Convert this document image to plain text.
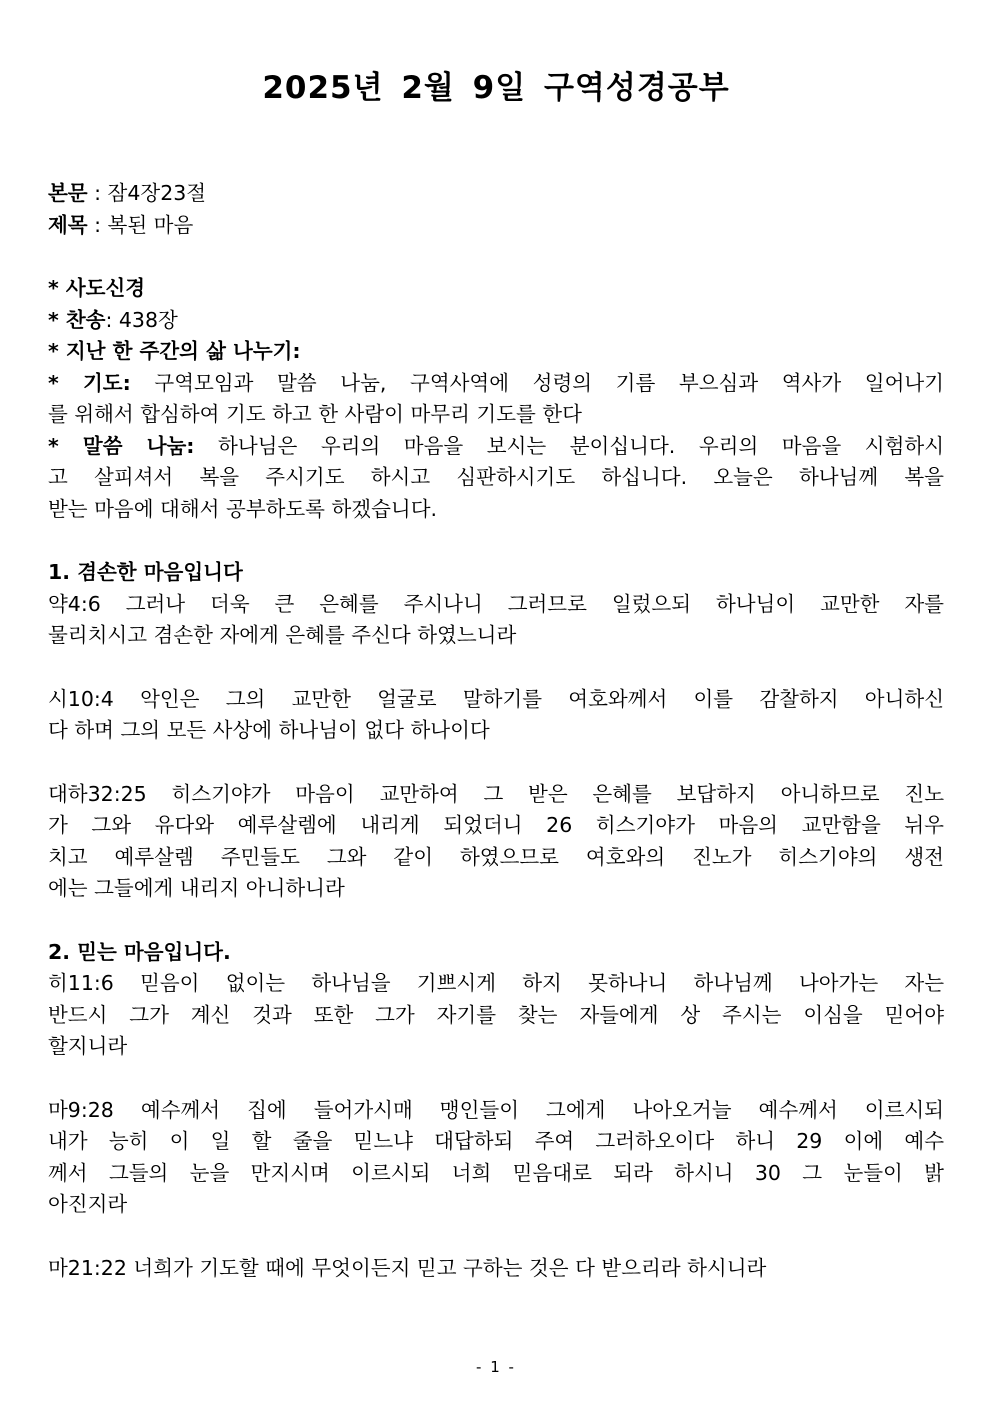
2025년 2월 9일 구역성경공부
본문 : 잠4장23절
제목 : 복된 마음
* 사도신경
* 찬송: 438장
* 지난 한 주간의 삶 나누기:
* 기도: 구역모임과 말씀 나눔, 구역사역에 성령의 기름 부으심과 역사가 일어나기
를 위해서 합심하여 기도 하고 한 사람이 마무리 기도를 한다
* 말씀 나눔: 하나님은 우리의 마음을 보시는 분이십니다. 우리의 마음을 시험하시
고 살피셔서 복을 주시기도 하시고 심판하시기도 하십니다. 오늘은 하나님께 복을
받는 마음에 대해서 공부하도록 하겠습니다.
1. 겸손한 마음입니다
약4:6 그러나 더욱 큰 은혜를 주시나니 그러므로 일렀으되 하나님이 교만한 자를
물리치시고 겸손한 자에게 은혜를 주신다 하였느니라
시10:4 악인은 그의 교만한 얼굴로 말하기를 여호와께서 이를 감찰하지 아니하신
다 하며 그의 모든 사상에 하나님이 없다 하나이다
대하32:25 히스기야가 마음이 교만하여 그 받은 은혜를 보답하지 아니하므로 진노
가 그와 유다와 예루살렘에 내리게 되었더니 26 히스기야가 마음의 교만함을 뉘우
치고 예루살렘 주민들도 그와 같이 하였으므로 여호와의 진노가 히스기야의 생전
에는 그들에게 내리지 아니하니라
2. 믿는 마음입니다.
히11:6 믿음이 없이는 하나님을 기쁘시게 하지 못하나니 하나님께 나아가는 자는
반드시 그가 계신 것과 또한 그가 자기를 찾는 자들에게 상 주시는 이심을 믿어야
할지니라
마9:28 예수께서 집에 들어가시매 맹인들이 그에게 나아오거늘 예수께서 이르시되
내가 능히 이 일 할 줄을 믿느냐 대답하되 주여 그러하오이다 하니 29 이에 예수
께서 그들의 눈을 만지시며 이르시되 너희 믿음대로 되라 하시니 30 그 눈들이 밝
아진지라
마21:22 너희가 기도할 때에 무엇이든지 믿고 구하는 것은 다 받으리라 하시니라
- 1 -
